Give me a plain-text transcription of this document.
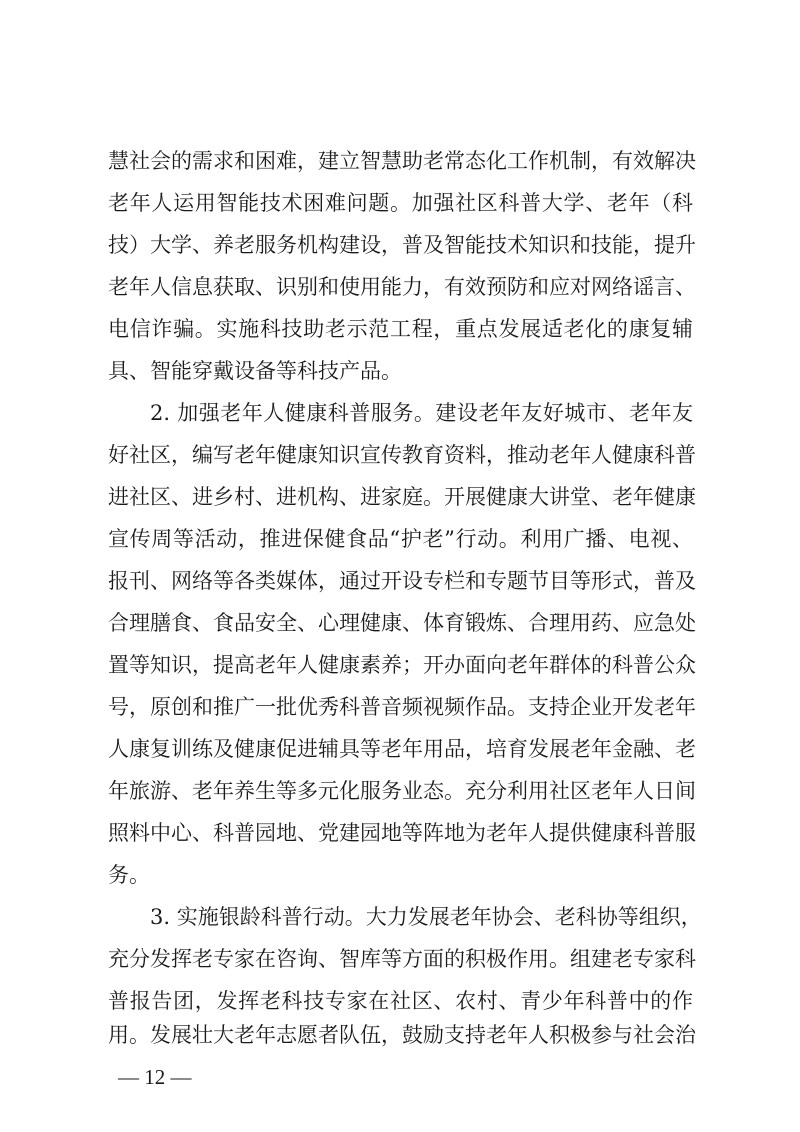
慧社会的需求和困难，建立智慧助老常态化工作机制，有效解决
老年人运用智能技术困难问题。加强社区科普大学、老年（科
技）大学、养老服务机构建设，普及智能技术知识和技能，提升
老年人信息获取、识别和使用能力，有效预防和应对网络谣言、
电信诈骗。实施科技助老示范工程，重点发展适老化的康复辅
具、智能穿戴设备等科技产品。
2. 加强老年人健康科普服务。建设老年友好城市、老年友
好社区，编写老年健康知识宣传教育资料，推动老年人健康科普
进社区、进乡村、进机构、进家庭。开展健康大讲堂、老年健康
宣传周等活动，推进保健食品“护老”行动。利用广播、电视、
报刊、网络等各类媒体，通过开设专栏和专题节目等形式，普及
合理膳食、食品安全、心理健康、体育锻炼、合理用药、应急处
置等知识，提高老年人健康素养；开办面向老年群体的科普公众
号，原创和推广一批优秀科普音频视频作品。支持企业开发老年
人康复训练及健康促进辅具等老年用品，培育发展老年金融、老
年旅游、老年养生等多元化服务业态。充分利用社区老年人日间
照料中心、科普园地、党建园地等阵地为老年人提供健康科普服
务。
3. 实施银龄科普行动。大力发展老年协会、老科协等组织，
充分发挥老专家在咨询、智库等方面的积极作用。组建老专家科
普报告团，发挥老科技专家在社区、农村、青少年科普中的作
— 12 —
用。发展壮大老年志愿者队伍，鼓励支持老年人积极参与社会治
